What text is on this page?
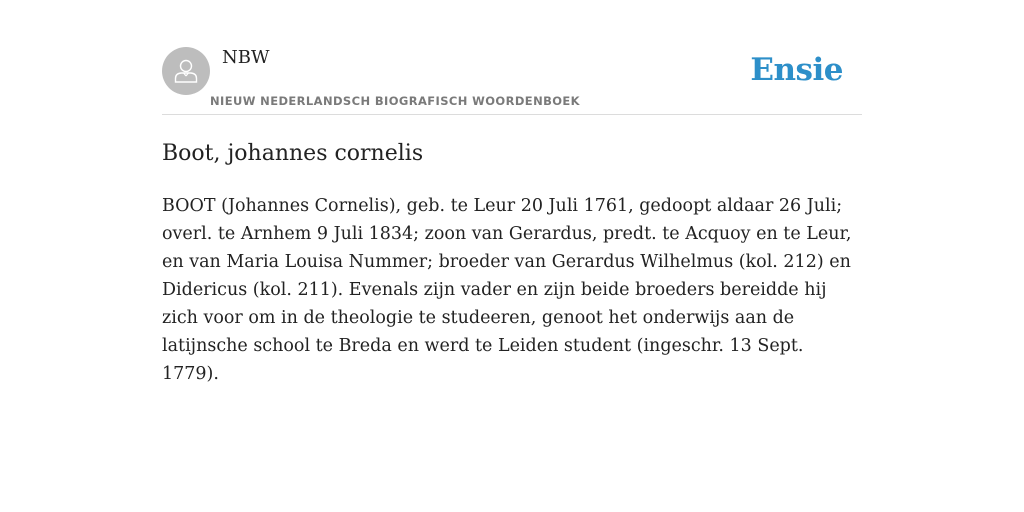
NBW
NIEUW NEDERLANDSCH BIOGRAFISCH WOORDENBOEK
Ensie
Boot, johannes cornelis

BOOT (Johannes Cornelis), geb. te Leur 20 Juli 1761, gedoopt aldaar 26 Juli; overl. te Arnhem 9 Juli 1834; zoon van Gerardus, predt. te Acquoy en te Leur, en van Maria Louisa Nummer; broeder van Gerardus Wilhelmus (kol. 212) en Didericus (kol. 211). Evenals zijn vader en zijn beide broeders bereidde hij zich voor om in de theologie te studeeren, genoot het onderwijs aan de latijnsche school te Breda en werd te Leiden student (ingeschr. 13 Sept. 1779).
